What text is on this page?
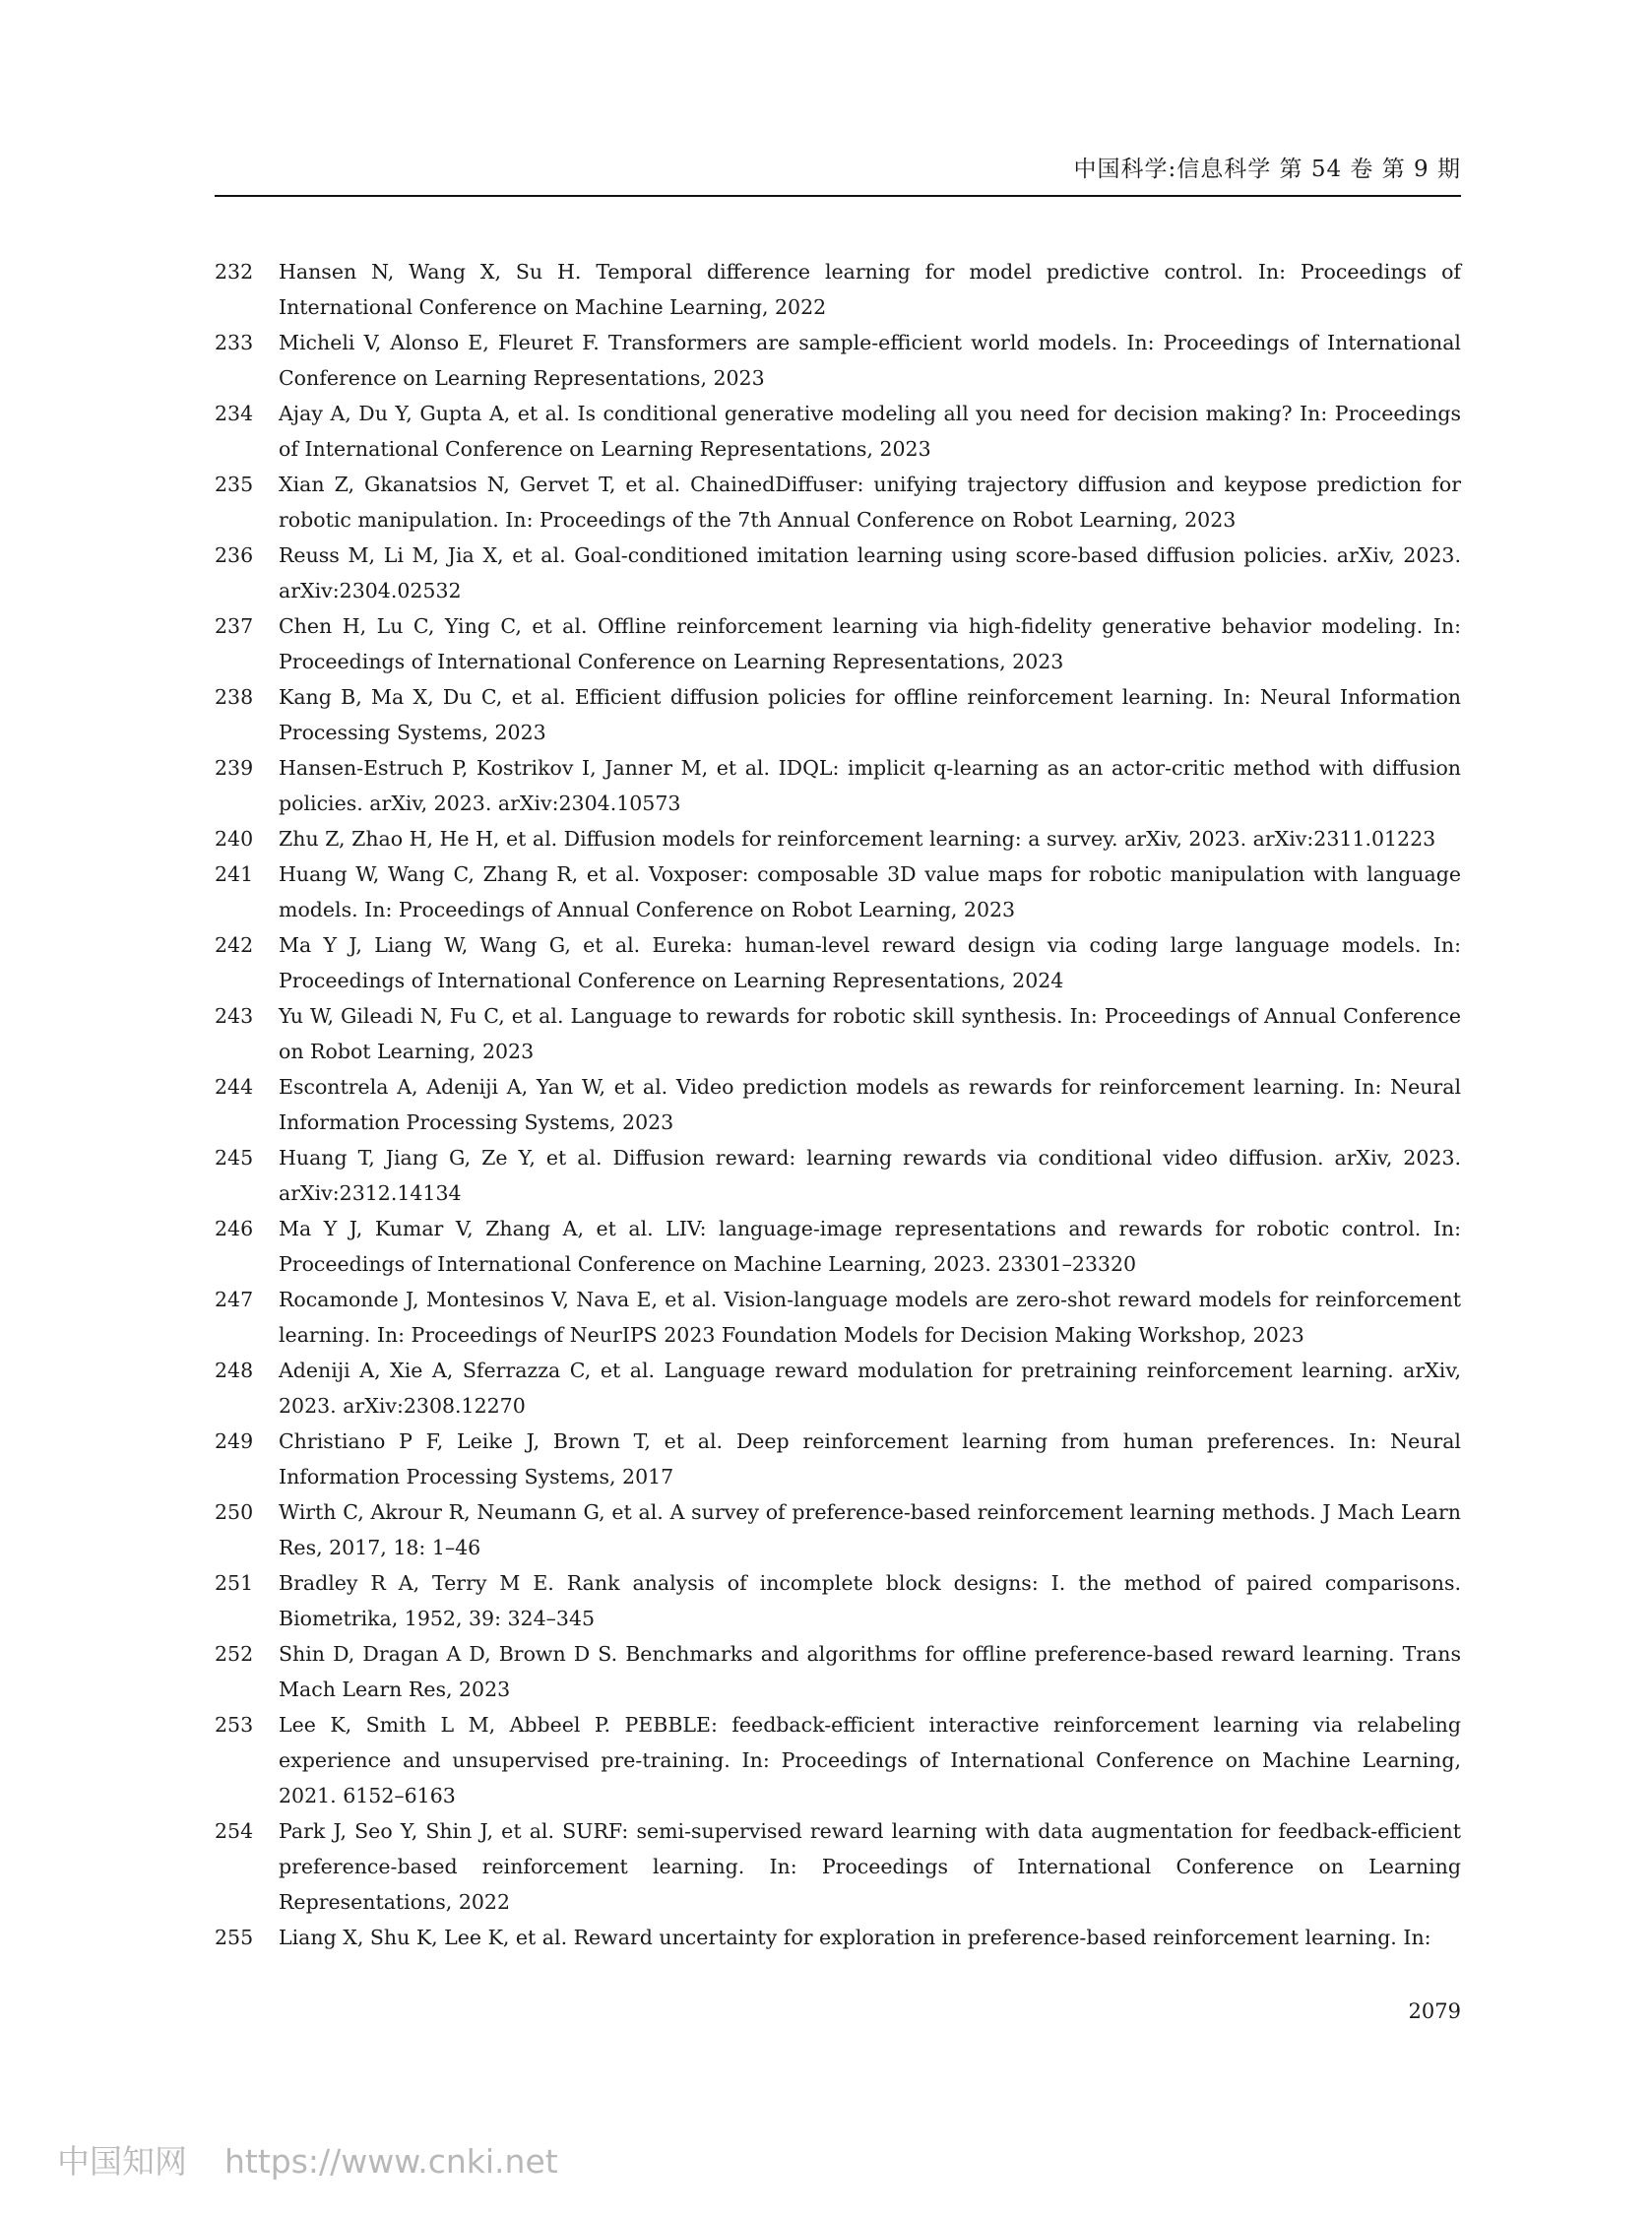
中国科学:信息科学 第 54 卷 第 9 期
232	Hansen N, Wang X, Su H. Temporal difference learning for model predictive control. In: Proceedings of International Conference on Machine Learning, 2022
233	Micheli V, Alonso E, Fleuret F. Transformers are sample-efficient world models. In: Proceedings of International Conference on Learning Representations, 2023
234	Ajay A, Du Y, Gupta A, et al. Is conditional generative modeling all you need for decision making? In: Proceedings of International Conference on Learning Representations, 2023
235	Xian Z, Gkanatsios N, Gervet T, et al. ChainedDiffuser: unifying trajectory diffusion and keypose prediction for robotic manipulation. In: Proceedings of the 7th Annual Conference on Robot Learning, 2023
236	Reuss M, Li M, Jia X, et al. Goal-conditioned imitation learning using score-based diffusion policies. arXiv, 2023. arXiv:2304.02532
237	Chen H, Lu C, Ying C, et al. Offline reinforcement learning via high-fidelity generative behavior modeling. In: Proceedings of International Conference on Learning Representations, 2023
238	Kang B, Ma X, Du C, et al. Efficient diffusion policies for offline reinforcement learning. In: Neural Information Processing Systems, 2023
239	Hansen-Estruch P, Kostrikov I, Janner M, et al. IDQL: implicit q-learning as an actor-critic method with diffusion policies. arXiv, 2023. arXiv:2304.10573
240	Zhu Z, Zhao H, He H, et al. Diffusion models for reinforcement learning: a survey. arXiv, 2023. arXiv:2311.01223
241	Huang W, Wang C, Zhang R, et al. Voxposer: composable 3D value maps for robotic manipulation with language models. In: Proceedings of Annual Conference on Robot Learning, 2023
242	Ma Y J, Liang W, Wang G, et al. Eureka: human-level reward design via coding large language models. In: Proceedings of International Conference on Learning Representations, 2024
243	Yu W, Gileadi N, Fu C, et al. Language to rewards for robotic skill synthesis. In: Proceedings of Annual Conference on Robot Learning, 2023
244	Escontrela A, Adeniji A, Yan W, et al. Video prediction models as rewards for reinforcement learning. In: Neural Information Processing Systems, 2023
245	Huang T, Jiang G, Ze Y, et al. Diffusion reward: learning rewards via conditional video diffusion. arXiv, 2023. arXiv:2312.14134
246	Ma Y J, Kumar V, Zhang A, et al. LIV: language-image representations and rewards for robotic control. In: Proceedings of International Conference on Machine Learning, 2023. 23301–23320
247	Rocamonde J, Montesinos V, Nava E, et al. Vision-language models are zero-shot reward models for reinforcement learning. In: Proceedings of NeurIPS 2023 Foundation Models for Decision Making Workshop, 2023
248	Adeniji A, Xie A, Sferrazza C, et al. Language reward modulation for pretraining reinforcement learning. arXiv, 2023. arXiv:2308.12270
249	Christiano P F, Leike J, Brown T, et al. Deep reinforcement learning from human preferences. In: Neural Information Processing Systems, 2017
250	Wirth C, Akrour R, Neumann G, et al. A survey of preference-based reinforcement learning methods. J Mach Learn Res, 2017, 18: 1–46
251	Bradley R A, Terry M E. Rank analysis of incomplete block designs: I. the method of paired comparisons. Biometrika, 1952, 39: 324–345
252	Shin D, Dragan A D, Brown D S. Benchmarks and algorithms for offline preference-based reward learning. Trans Mach Learn Res, 2023
253	Lee K, Smith L M, Abbeel P. PEBBLE: feedback-efficient interactive reinforcement learning via relabeling experience and unsupervised pre-training. In: Proceedings of International Conference on Machine Learning, 2021. 6152–6163
254	Park J, Seo Y, Shin J, et al. SURF: semi-supervised reward learning with data augmentation for feedback-efficient preference-based reinforcement learning. In: Proceedings of International Conference on Learning Representations, 2022
255	Liang X, Shu K, Lee K, et al. Reward uncertainty for exploration in preference-based reinforcement learning. In:
2079
中国知网 https://www.cnki.net
